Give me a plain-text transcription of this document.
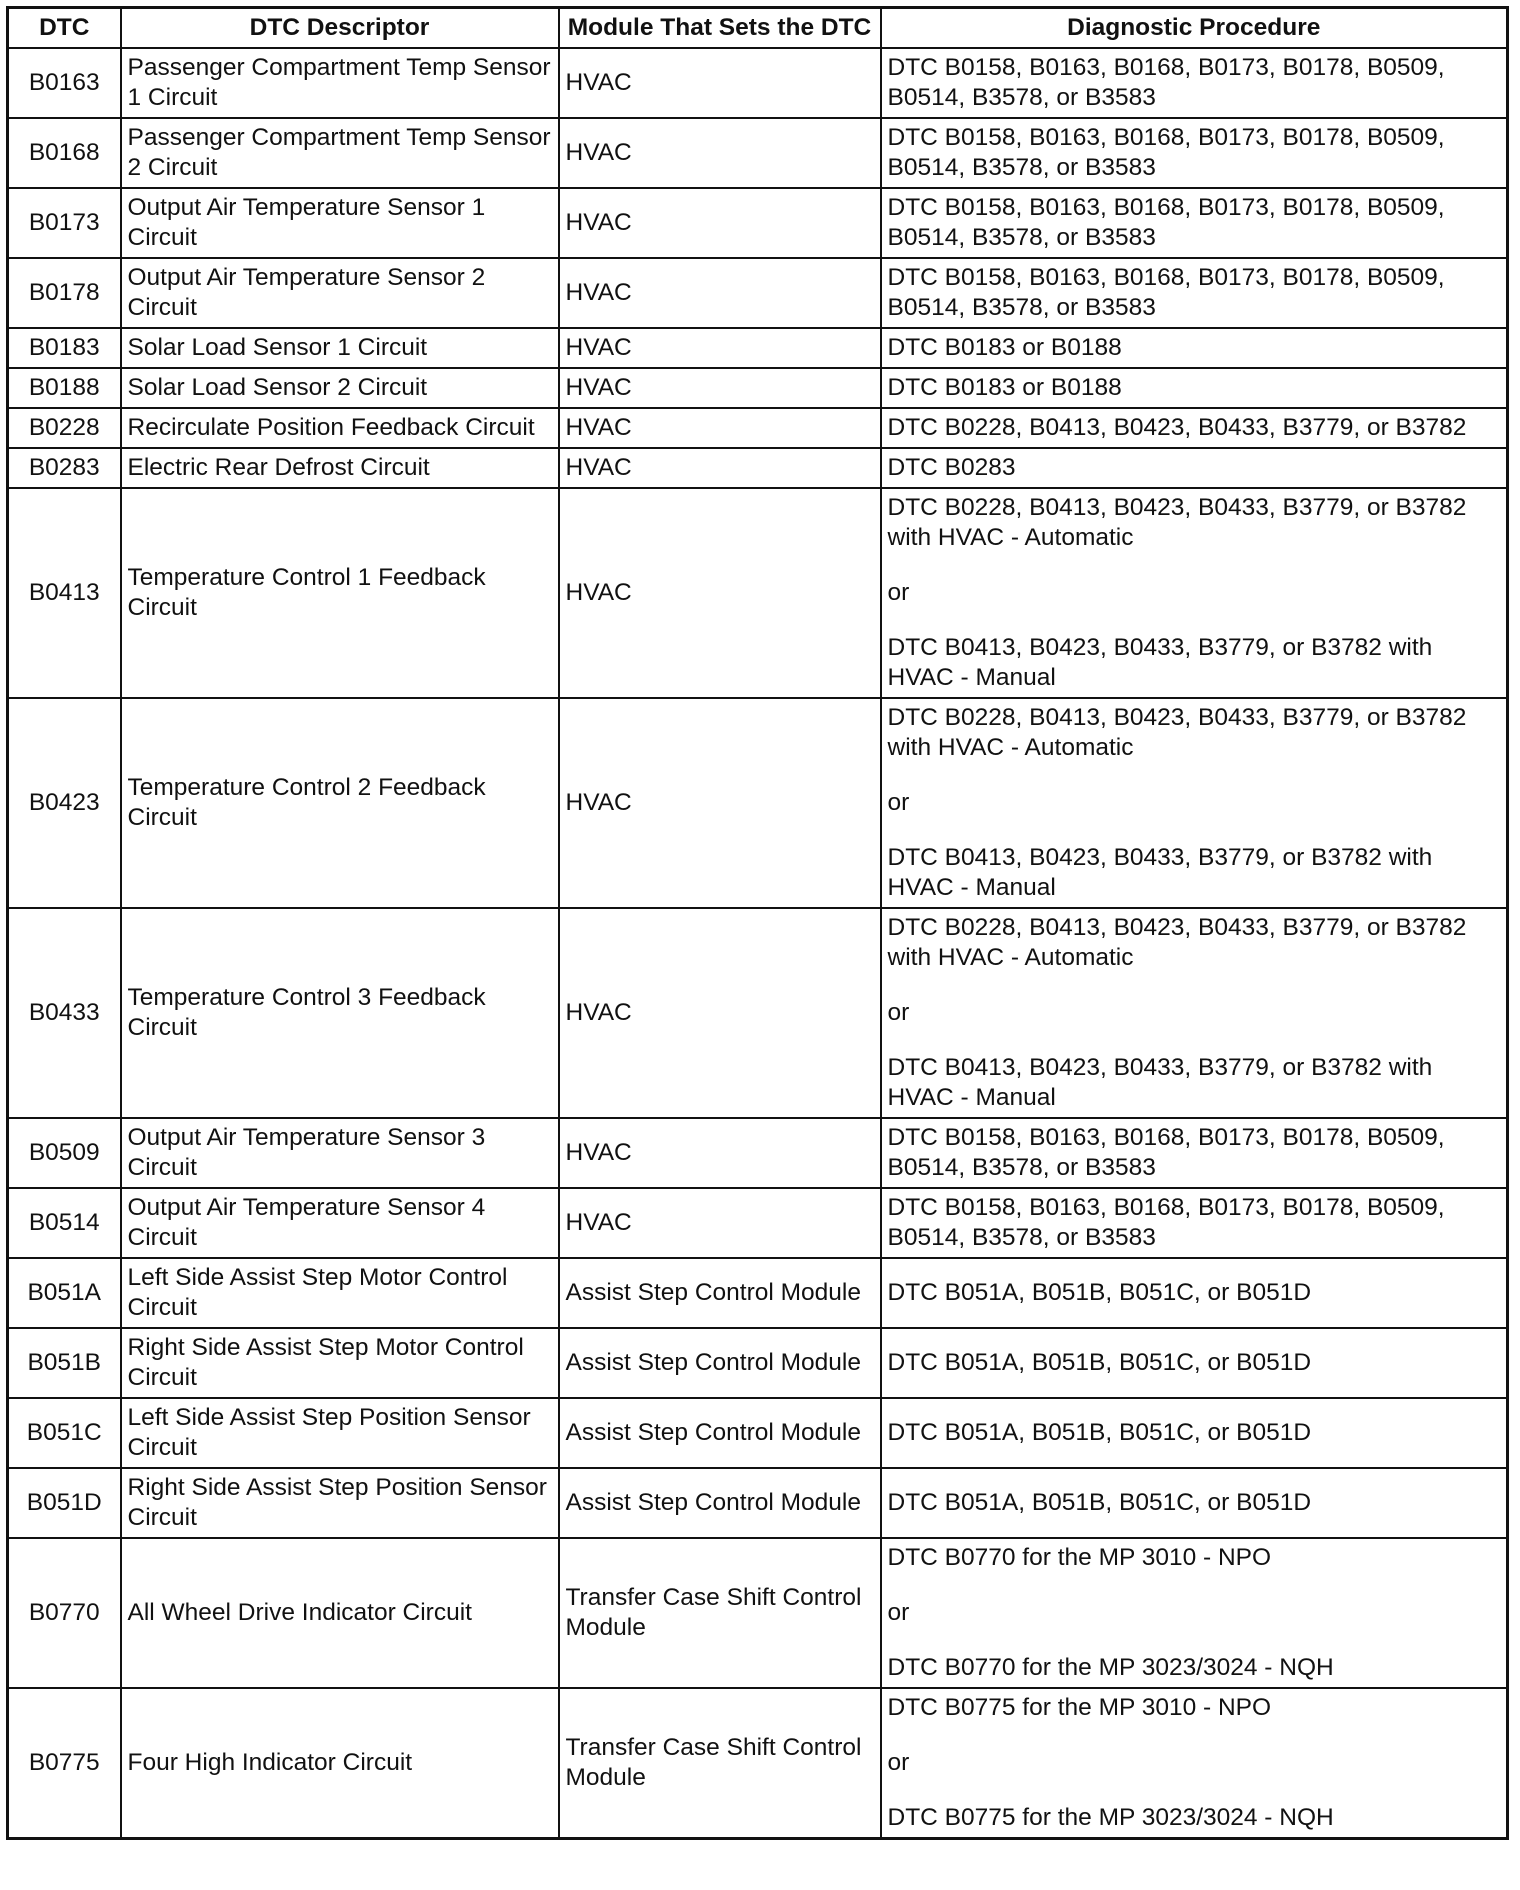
DTC	DTC Descriptor	Module That Sets the DTC	Diagnostic Procedure
B0163	Passenger Compartment Temp Sensor 1 Circuit	HVAC	DTC B0158, B0163, B0168, B0173, B0178, B0509, B0514, B3578, or B3583

B0168	Passenger Compartment Temp Sensor 2 Circuit	HVAC	DTC B0158, B0163, B0168, B0173, B0178, B0509, B0514, B3578, or B3583

B0173	Output Air Temperature Sensor 1 Circuit	HVAC	DTC B0158, B0163, B0168, B0173, B0178, B0509, B0514, B3578, or B3583

B0178	Output Air Temperature Sensor 2 Circuit	HVAC	DTC B0158, B0163, B0168, B0173, B0178, B0509, B0514, B3578, or B3583

B0183	Solar Load Sensor 1 Circuit	HVAC	DTC B0183 or B0188

B0188	Solar Load Sensor 2 Circuit	HVAC	DTC B0183 or B0188

B0228	Recirculate Position Feedback Circuit	HVAC	DTC B0228, B0413, B0423, B0433, B3779, or B3782

B0283	Electric Rear Defrost Circuit	HVAC	DTC B0283

B0413	Temperature Control 1 Feedback Circuit	HVAC	DTC B0228, B0413, B0423, B0433, B3779, or B3782 with HVAC - Automatic

or

DTC B0413, B0423, B0433, B3779, or B3782 with HVAC - Manual

B0423	Temperature Control 2 Feedback Circuit	HVAC	DTC B0228, B0413, B0423, B0433, B3779, or B3782 with HVAC - Automatic

or

DTC B0413, B0423, B0433, B3779, or B3782 with HVAC - Manual

B0433	Temperature Control 3 Feedback Circuit	HVAC	DTC B0228, B0413, B0423, B0433, B3779, or B3782 with HVAC - Automatic

or

DTC B0413, B0423, B0433, B3779, or B3782 with HVAC - Manual

B0509	Output Air Temperature Sensor 3 Circuit	HVAC	DTC B0158, B0163, B0168, B0173, B0178, B0509, B0514, B3578, or B3583

B0514	Output Air Temperature Sensor 4 Circuit	HVAC	DTC B0158, B0163, B0168, B0173, B0178, B0509, B0514, B3578, or B3583

B051A	Left Side Assist Step Motor Control Circuit	Assist Step Control Module	DTC B051A, B051B, B051C, or B051D

B051B	Right Side Assist Step Motor Control Circuit	Assist Step Control Module	DTC B051A, B051B, B051C, or B051D

B051C	Left Side Assist Step Position Sensor Circuit	Assist Step Control Module	DTC B051A, B051B, B051C, or B051D

B051D	Right Side Assist Step Position Sensor Circuit	Assist Step Control Module	DTC B051A, B051B, B051C, or B051D

B0770	All Wheel Drive Indicator Circuit	Transfer Case Shift Control Module	DTC B0770 for the MP 3010 - NPO

or

DTC B0770 for the MP 3023/3024 - NQH

B0775	Four High Indicator Circuit	Transfer Case Shift Control Module	DTC B0775 for the MP 3010 - NPO

or

DTC B0775 for the MP 3023/3024 - NQH
